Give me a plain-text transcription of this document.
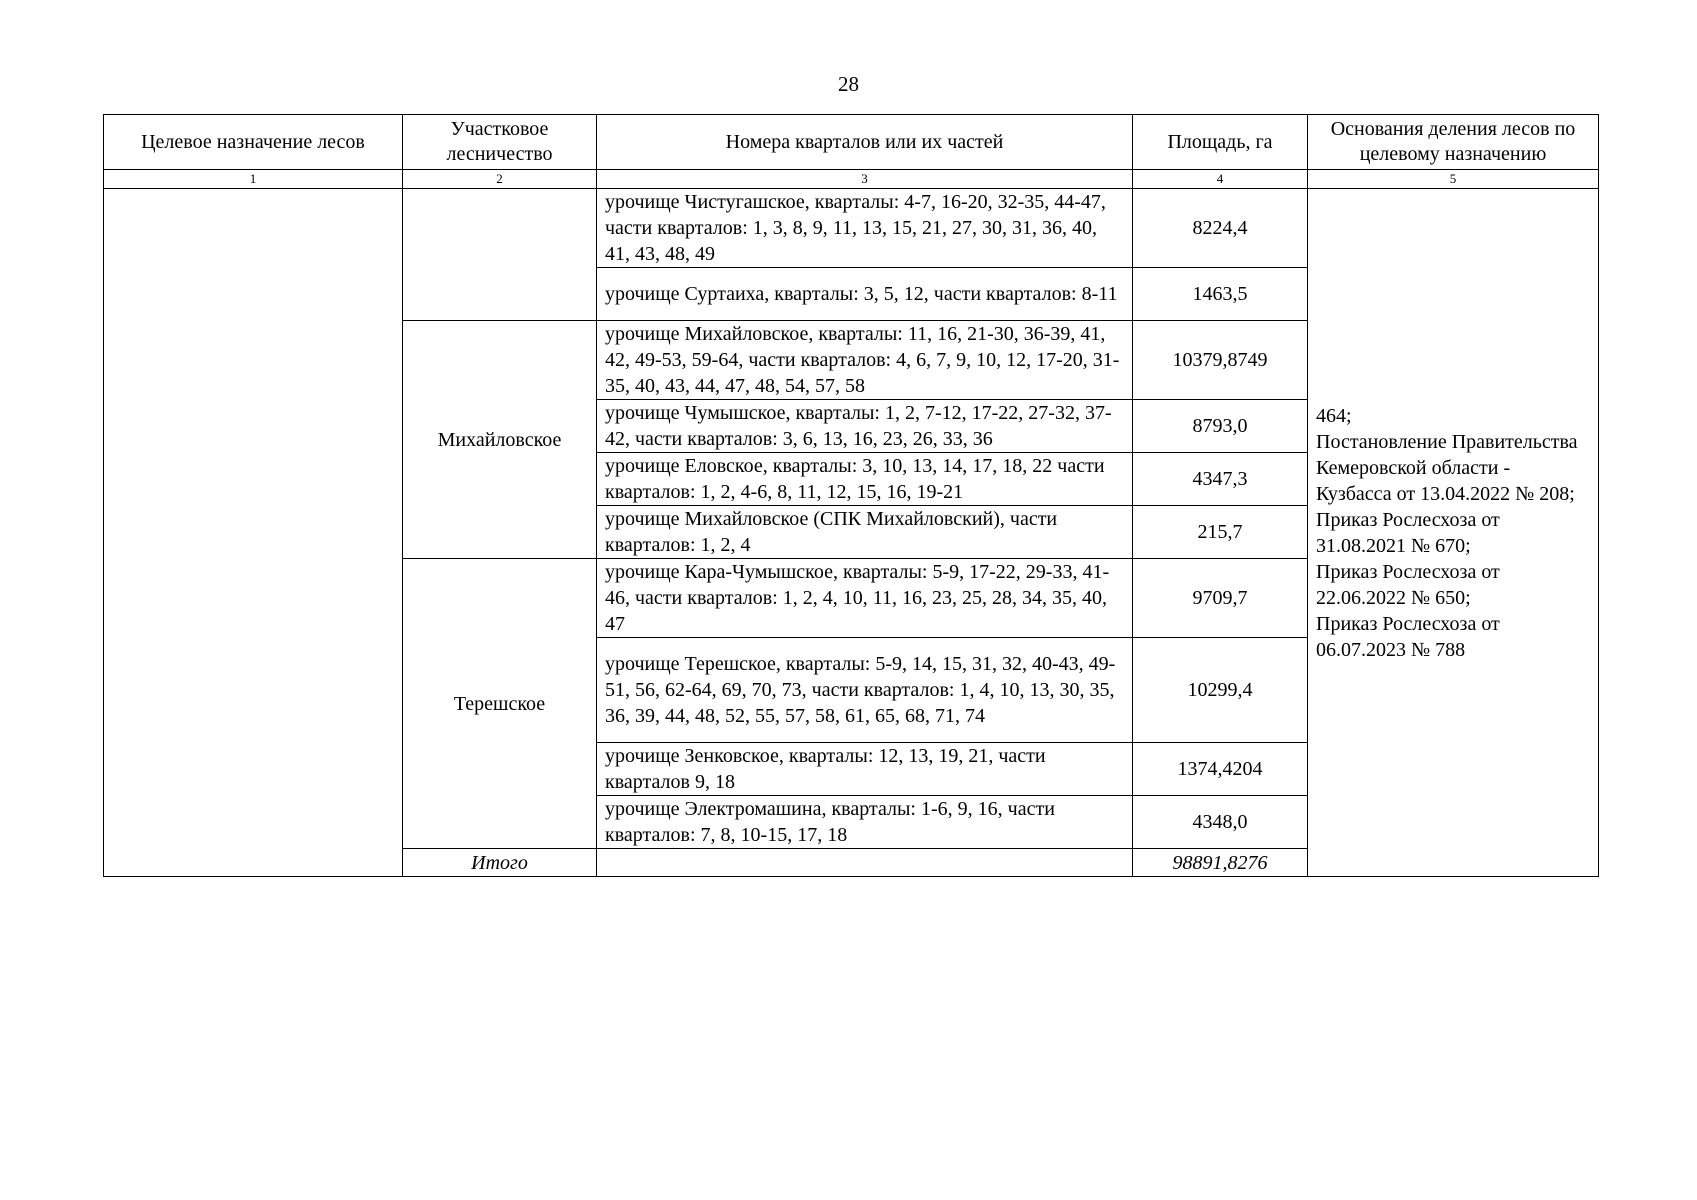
28
Целевое назначение лесов	Участковое лесничество	Номера кварталов или их частей	Площадь, га	Основания деления лесов по целевому назначению
1	2	3	4	5
		урочище Чистугашское, кварталы: 4-7, 16-20, 32-35, 44-47, части кварталов: 1, 3, 8, 9, 11, 13, 15, 21, 27, 30, 31, 36, 40, 41, 43, 48, 49	8224,4	464;
Постановление Правительства Кемеровской области - Кузбасса от 13.04.2022 № 208;
Приказ Рослесхоза от 31.08.2021 № 670;
Приказ Рослесхоза от 22.06.2022 № 650;
Приказ Рослесхоза от 06.07.2023 № 788

		урочище Суртаиха, кварталы: 3, 5, 12, части кварталов: 8-11	1463,5	
	Михайловское	урочище Михайловское, кварталы: 11, 16, 21-30, 36-39, 41, 42, 49-53, 59-64, части кварталов: 4, 6, 7, 9, 10, 12, 17-20, 31-35, 40, 43, 44, 47, 48, 54, 57, 58	10379,8749	
		урочище Чумышское, кварталы: 1, 2, 7-12, 17-22, 27-32, 37-42, части кварталов: 3, 6, 13, 16, 23, 26, 33, 36	8793,0	
		урочище Еловское, кварталы: 3, 10, 13, 14, 17, 18, 22 части кварталов: 1, 2, 4-6, 8, 11, 12, 15, 16, 19-21	4347,3	
		урочище Михайловское (СПК Михайловский), части кварталов: 1, 2, 4	215,7	
	Терешское	урочище Кара-Чумышское, кварталы: 5-9, 17-22, 29-33, 41-46, части кварталов: 1, 2, 4, 10, 11, 16, 23, 25, 28, 34, 35, 40, 47	9709,7	
		урочище Терешское, кварталы: 5-9, 14, 15, 31, 32, 40-43, 49-51, 56, 62-64, 69, 70, 73, части кварталов: 1, 4, 10, 13, 30, 35, 36, 39, 44, 48, 52, 55, 57, 58, 61, 65, 68, 71, 74	10299,4	
		урочище Зенковское, кварталы: 12, 13, 19, 21, части кварталов 9, 18	1374,4204	
		урочище Электромашина, кварталы: 1-6, 9, 16, части кварталов: 7, 8, 10-15, 17, 18	4348,0	
	Итого		98891,8276	
